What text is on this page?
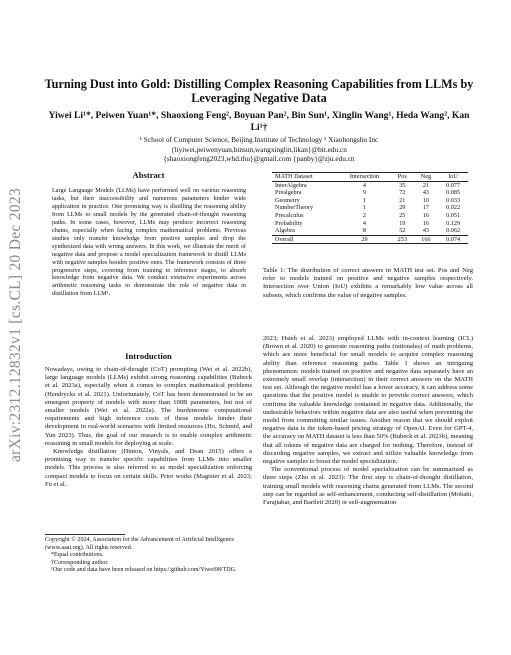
arXiv:2312.12832v1 [cs.CL] 20 Dec 2023
Turning Dust into Gold: Distilling Complex Reasoning Capabilities from LLMs by Leveraging Negative Data
Yiwei Li¹*, Peiwen Yuan¹*, Shaoxiong Feng², Boyuan Pan², Bin Sun¹, Xinglin Wang¹, Heda Wang², Kan Li¹†
¹ School of Computer Science, Beijing Institute of Technology ² Xiaohongshu Inc
{liyiwei,peiwenyuan,binsun,wangxinglin,likan}@bit.edu.cn
{shaoxiongfeng2023,whd.thu}@gmail.com {panby}@zju.edu.cn
Abstract
Large Language Models (LLMs) have performed well on various reasoning tasks, but their inaccessibility and numerous parameters hinder wide application in practice. One promising way is distilling the reasoning ability from LLMs to small models by the generated chain-of-thought reasoning paths. In some cases, however, LLMs may produce incorrect reasoning chains, especially when facing complex mathematical problems. Previous studies only transfer knowledge from positive samples and drop the synthesized data with wrong answers. In this work, we illustrate the merit of negative data and propose a model specialization framework to distill LLMs with negative samples besides positive ones. The framework consists of three progressive steps, covering from training to inference stages, to absorb knowledge from negative data. We conduct extensive experiments across arithmetic reasoning tasks to demonstrate the role of negative data in distillation from LLM¹.
Introduction

Nowadays, owing to chain-of-thought (CoT) prompting (Wei et al. 2022b), large language models (LLMs) exhibit strong reasoning capabilities (Bubeck et al. 2023a), especially when it comes to complex mathematical problems (Hendrycks et al. 2021). Unfortunately, CoT has been demonstrated to be an emergent property of models with more than 100B parameters, but not of smaller models (Wei et al. 2022a). The burdensome computational requirements and high inference costs of these models hinder their development in real-world scenarios with limited resources (Ho, Schmid, and Yun 2023). Thus, the goal of our research is to enable complex arithmetic reasoning in small models for deploying at scale.

Knowledge distillation (Hinton, Vinyals, and Dean 2015) offers a promising way to transfer specific capabilities from LLMs into smaller models. This process is also referred to as model specialization enforcing compact models to focus on certain skills. Prior works (Magister et al. 2023; Fu et al.

Copyright © 2024, Association for the Advancement of Artificial Intelligence (www.aaai.org). All rights reserved.
*Equal contributions.
†Corresponding author.
¹Our code and data have been released on https://github.com/Yiwei98/TDG.
MATH Dataset	Intersection	Pos	Neg	IoU
InterAlgebra	4	35	21	0.077
Prealgebra	9	72	43	0.085
Geometry	1	21	10	0.033
NumberTheory	1	29	17	0.022
Precalculus	2	25	16	0.051
Probability	4	19	16	0.129
Algebra	8	52	43	0.062
Overall	29	253	166	0.074
Table 1: The distribution of correct answers in MATH test set. Pos and Neg refer to models trained on positive and negative samples respectively. Intersection over Union (IoU) exhibits a remarkably low value across all subsets, which confirms the value of negative samples.

2023; Hsieh et al. 2023) employed LLMs with in-context learning (ICL) (Brown et al. 2020) to generate reasoning paths (rationales) of math problems, which are more beneficial for small models to acquire complex reasoning ability than reference reasoning paths. Table 1 shows an intriguing phenomenon: models trained on positive and negative data separately have an extremely small overlap (intersection) in their correct answers on the MATH test set. Although the negative model has a lower accuracy, it can address some questions that the positive model is unable to provide correct answers, which confirms the valuable knowledge contained in negative data. Additionally, the undesirable behaviors within negative data are also useful when preventing the model from committing similar issues. Another reason that we should exploit negative data is the token-based pricing strategy of OpenAI. Even for GPT-4, the accuracy on MATH dataset is less than 50% (Bubeck et al. 2023b), meaning that all tokens of negative data are charged for nothing. Therefore, instead of discarding negative samples, we extract and utilize valuable knowledge from negative samples to boost the model specialization.

The conventional process of model specialization can be summarized as three steps (Zhu et al. 2023): The first step is chain-of-thought distillation, training small models with reasoning chains generated from LLMs. The second step can be regarded as self-enhancement, conducting self-distillation (Mobahi, Farajtabar, and Bartlett 2020) or self-augmentation
